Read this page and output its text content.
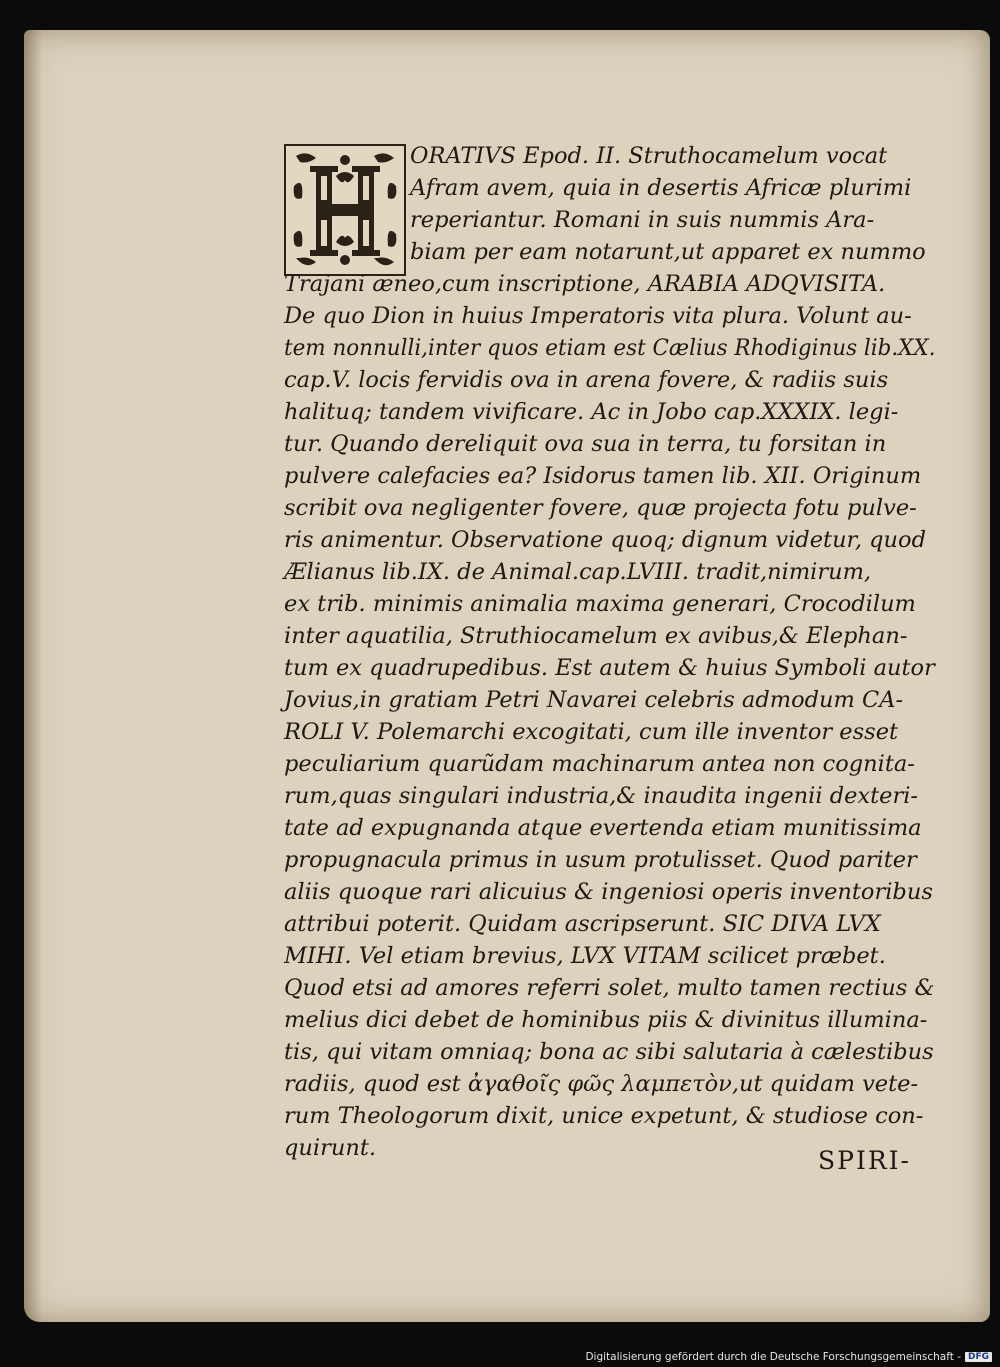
ORATIVS Epod. II. Struthocamelum vocat
Afram avem, quia in desertis Africæ plurimi
reperiantur. Romani in suis nummis Ara-
biam per eam notarunt,ut apparet ex nummo
Trajani æneo,cum inscriptione, ARABIA ADQVISITA.
De quo Dion in huius Imperatoris vita plura. Volunt au-
tem nonnulli,inter quos etiam est Cælius Rhodiginus lib.XX.
cap.V. locis fervidis ova in arena fovere, & radiis suis
halituq; tandem vivificare. Ac in Jobo cap.XXXIX. legi-
tur. Quando dereliquit ova sua in terra, tu forsitan in
pulvere calefacies ea? Isidorus tamen lib. XII. Originum
scribit ova negligenter fovere, quæ projecta fotu pulve-
ris animentur. Observatione quoq; dignum videtur, quod
Ælianus lib.IX. de Animal.cap.LVIII. tradit,nimirum,
ex trib. minimis animalia maxima generari, Crocodilum
inter aquatilia, Struthiocamelum ex avibus,& Elephan-
tum ex quadrupedibus. Est autem & huius Symboli autor
Jovius,in gratiam Petri Navarei celebris admodum CA-
ROLI V. Polemarchi excogitati, cum ille inventor esset
peculiarium quarũdam machinarum antea non cognita-
rum,quas singulari industria,& inaudita ingenii dexteri-
tate ad expugnanda atque evertenda etiam munitissima
propugnacula primus in usum protulisset. Quod pariter
aliis quoque rari alicuius & ingeniosi operis inventoribus
attribui poterit. Quidam ascripserunt. SIC DIVA LVX
MIHI. Vel etiam brevius, LVX VITAM scilicet præbet.
Quod etsi ad amores referri solet, multo tamen rectius &
melius dici debet de hominibus piis & divinitus illumina-
tis, qui vitam omniaq; bona ac sibi salutaria à cælestibus
radiis, quod est ἀγαθοῖς φῶς λαμπετὸν,ut quidam vete-
rum Theologorum dixit, unice expetunt, & studiose con-
quirunt.	SPIRI-
Digitalisierung gefördert durch die Deutsche Forschungsgemeinschaft - DFG
